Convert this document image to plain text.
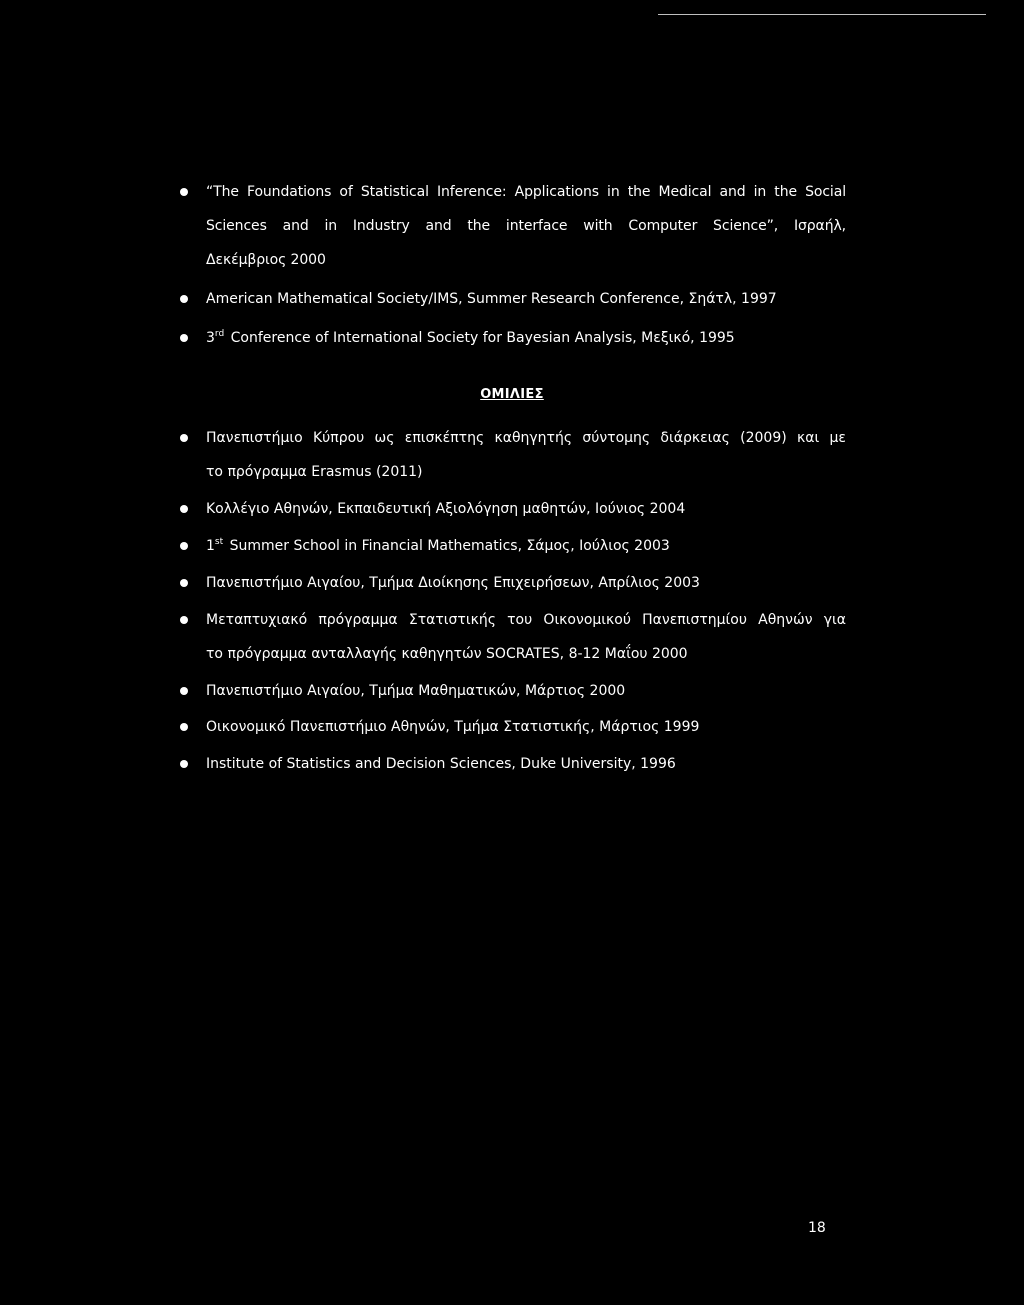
“The Foundations of Statistical Inference: Applications in the Medical and in the Social
Sciences and in Industry and the interface with Computer Science”, Ισραήλ,
Δεκέμβριος 2000
American Mathematical Society/IMS, Summer Research Conference, Σηάτλ, 1997
3rd Conference of International Society for Bayesian Analysis, Μεξικό, 1995
ΟΜΙΛΙΕΣ
Πανεπιστήμιο Κύπρου ως επισκέπτης καθηγητής σύντομης διάρκειας (2009) και με
το πρόγραμμα Erasmus (2011)
Κολλέγιο Αθηνών, Εκπαιδευτική Αξιολόγηση μαθητών, Ιούνιος 2004
1st Summer School in Financial Mathematics, Σάμος, Ιούλιος 2003
Πανεπιστήμιο Αιγαίου, Τμήμα Διοίκησης Επιχειρήσεων, Απρίλιος 2003
Μεταπτυχιακό πρόγραμμα Στατιστικής του Οικονομικού Πανεπιστημίου Αθηνών για
το πρόγραμμα ανταλλαγής καθηγητών SOCRATES, 8-12 Μαΐου 2000
Πανεπιστήμιο Αιγαίου, Τμήμα Μαθηματικών, Μάρτιος 2000
Οικονομικό Πανεπιστήμιο Αθηνών, Τμήμα Στατιστικής, Μάρτιος 1999
Institute of Statistics and Decision Sciences, Duke University, 1996
18
